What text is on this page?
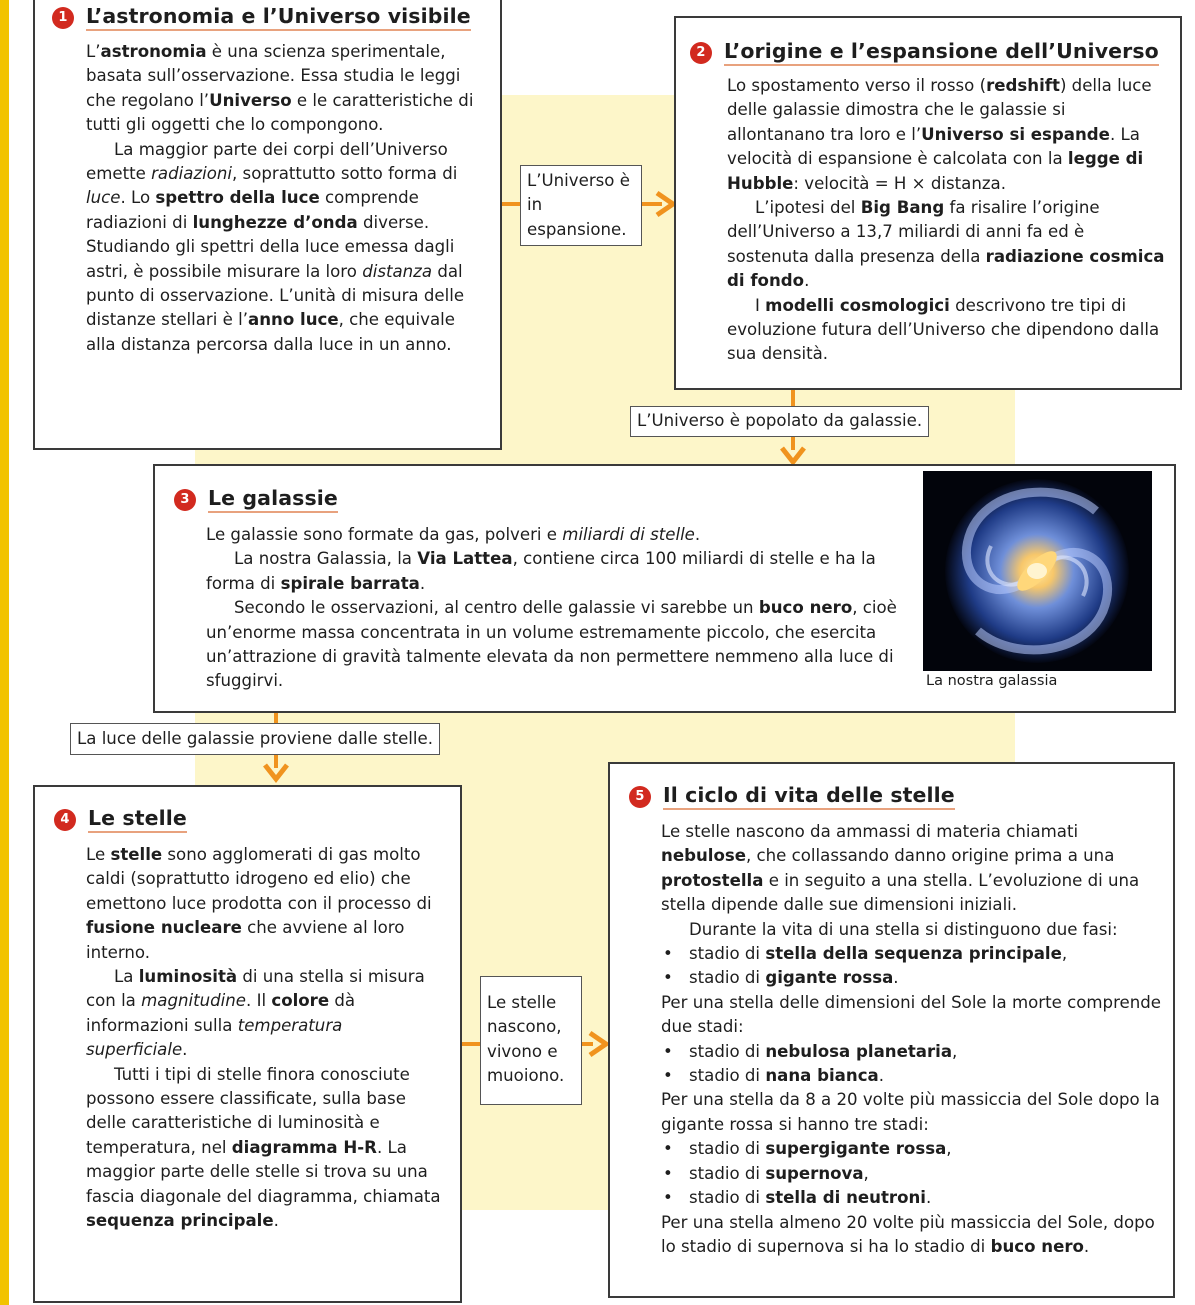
1 L’astronomia e l’Universo visibile

L’astronomia è una scienza sperimentale, basata sull’osservazione. Essa studia le leggi che regolano l’Universo e le caratteristiche di tutti gli oggetti che lo compongono.

La maggior parte dei corpi dell’Universo emette radiazioni, soprattutto sotto forma di luce. Lo spettro della luce comprende radiazioni di lunghezze d’onda diverse. Studiando gli spettri della luce emessa dagli astri, è possibile misurare la loro distanza dal punto di osservazione. L’unità di misura delle distanze stellari è l’anno luce, che equivale alla distanza percorsa dalla luce in un anno.

2 L’origine e l’espansione dell’Universo

Lo spostamento verso il rosso (redshift) della luce delle galassie dimostra che le galassie si allontanano tra loro e l’Universo si espande. La velocità di espansione è calcolata con la legge di Hubble: velocità = H × distanza.

L’ipotesi del Big Bang fa risalire l’origine dell’Universo a 13,7 miliardi di anni fa ed è sostenuta dalla presenza della radiazione cosmica di fondo.

I modelli cosmologici descrivono tre tipi di evoluzione futura dell’Universo che dipendono dalla sua densità.

L’Universo è in espansione.
L’Universo è popolato da galassie.
3 Le galassie

Le galassie sono formate da gas, polveri e miliardi di stelle.

La nostra Galassia, la Via Lattea, contiene circa 100 miliardi di stelle e ha la forma di spirale barrata.

Secondo le osservazioni, al centro delle galassie vi sarebbe un buco nero, cioè un’enorme massa concentrata in un volume estremamente piccolo, che esercita un’attrazione di gravità talmente elevata da non permettere nemmeno alla luce di sfuggirvi.	La nostra galassia
La luce delle galassie proviene dalle stelle.
4 Le stelle

Le stelle sono agglomerati di gas molto caldi (soprattutto idrogeno ed elio) che emettono luce prodotta con il processo di fusione nucleare che avviene al loro interno.

La luminosità di una stella si misura con la magnitudine. Il colore dà informazioni sulla temperatura superficiale.

Tutti i tipi di stelle finora conosciute possono essere classificate, sulla base delle caratteristiche di luminosità e temperatura, nel diagramma H-R. La maggior parte delle stelle si trova su una fascia diagonale del diagramma, chiamata sequenza principale.

Le stelle nascono, vivono e muoiono.
5 Il ciclo di vita delle stelle

Le stelle nascono da ammassi di materia chiamati nebulose, che collassando danno origine prima a una protostella e in seguito a una stella. L’evoluzione di una stella dipende dalle sue dimensioni iniziali.

Durante la vita di una stella si distinguono due fasi:

• stadio di stella della sequenza principale,
• stadio di gigante rossa.

Per una stella delle dimensioni del Sole la morte comprende due stadi:

• stadio di nebulosa planetaria,
• stadio di nana bianca.

Per una stella da 8 a 20 volte più massiccia del Sole dopo la gigante rossa si hanno tre stadi:

• stadio di supergigante rossa,
• stadio di supernova,
• stadio di stella di neutroni.

Per una stella almeno 20 volte più massiccia del Sole, dopo lo stadio di supernova si ha lo stadio di buco nero.
